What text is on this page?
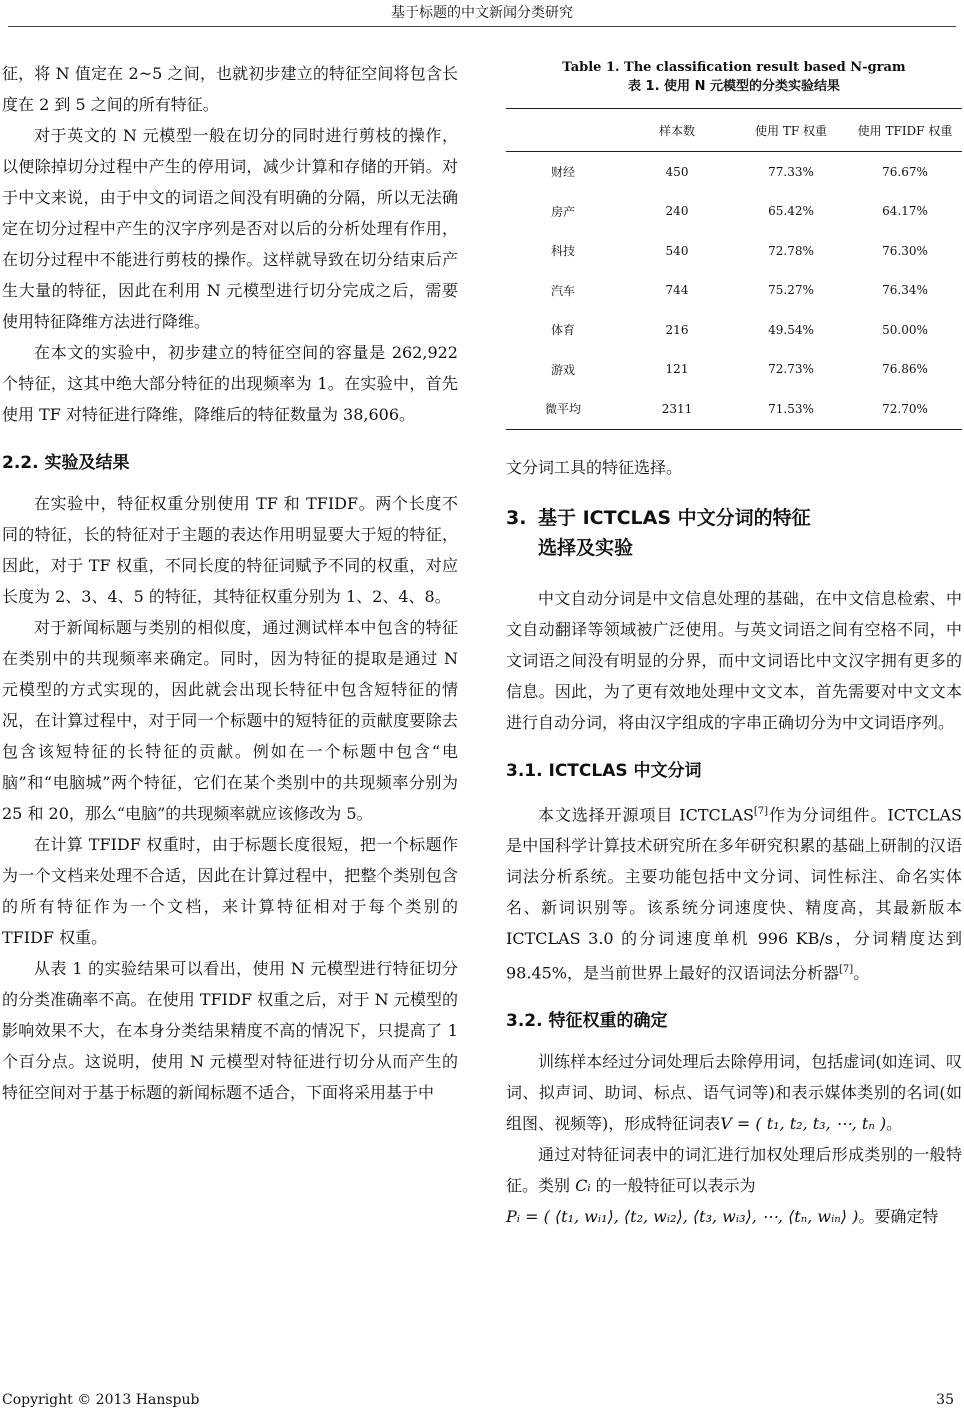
基于标题的中文新闻分类研究

征，将 N 值定在 2~5 之间，也就初步建立的特征空间将包含长度在 2 到 5 之间的所有特征。

对于英文的 N 元模型一般在切分的同时进行剪枝的操作，以便除掉切分过程中产生的停用词，减少计算和存储的开销。对于中文来说，由于中文的词语之间没有明确的分隔，所以无法确定在切分过程中产生的汉字序列是否对以后的分析处理有作用，在切分过程中不能进行剪枝的操作。这样就导致在切分结束后产生大量的特征，因此在利用 N 元模型进行切分完成之后，需要使用特征降维方法进行降维。

在本文的实验中，初步建立的特征空间的容量是 262,922 个特征，这其中绝大部分特征的出现频率为 1。在实验中，首先使用 TF 对特征进行降维，降维后的特征数量为 38,606。

2.2. 实验及结果

在实验中，特征权重分别使用 TF 和 TFIDF。两个长度不同的特征，长的特征对于主题的表达作用明显要大于短的特征，因此，对于 TF 权重，不同长度的特征词赋予不同的权重，对应长度为 2、3、4、5 的特征，其特征权重分别为 1、2、4、8。

对于新闻标题与类别的相似度，通过测试样本中包含的特征在类别中的共现频率来确定。同时，因为特征的提取是通过 N 元模型的方式实现的，因此就会出现长特征中包含短特征的情况，在计算过程中，对于同一个标题中的短特征的贡献度要除去包含该短特征的长特征的贡献。例如在一个标题中包含“电脑”和“电脑城”两个特征，它们在某个类别中的共现频率分别为 25 和 20，那么“电脑”的共现频率就应该修改为 5。

在计算 TFIDF 权重时，由于标题长度很短，把一个标题作为一个文档来处理不合适，因此在计算过程中，把整个类别包含的所有特征作为一个文档，来计算特征相对于每个类别的 TFIDF 权重。

从表 1 的实验结果可以看出，使用 N 元模型进行特征切分的分类准确率不高。在使用 TFIDF 权重之后，对于 N 元模型的影响效果不大，在本身分类结果精度不高的情况下，只提高了 1 个百分点。这说明，使用 N 元模型对特征进行切分从而产生的特征空间对于基于标题的新闻标题不适合，下面将采用基于中

Table 1. The classification result based N-gram
表 1. 使用 N 元模型的分类实验结果
	样本数	使用 TF 权重	使用 TFIDF 权重
财经	450	77.33%	76.67%
房产	240	65.42%	64.17%
科技	540	72.78%	76.30%
汽车	744	75.27%	76.34%
体育	216	49.54%	50.00%
游戏	121	72.73%	76.86%
微平均	2311	71.53%	72.70%

文分词工具的特征选择。

3. 基于 ICTCLAS 中文分词的特征
选择及实验

中文自动分词是中文信息处理的基础，在中文信息检索、中文自动翻译等领域被广泛使用。与英文词语之间有空格不同，中文词语之间没有明显的分界，而中文词语比中文汉字拥有更多的信息。因此，为了更有效地处理中文文本，首先需要对中文文本进行自动分词，将由汉字组成的字串正确切分为中文词语序列。

3.1. ICTCLAS 中文分词

本文选择开源项目 ICTCLAS[7]作为分词组件。ICTCLAS 是中国科学计算技术研究所在多年研究积累的基础上研制的汉语词法分析系统。主要功能包括中文分词、词性标注、命名实体名、新词识别等。该系统分词速度快、精度高，其最新版本 ICTCLAS 3.0 的分词速度单机 996 KB/s，分词精度达到 98.45%，是当前世界上最好的汉语词法分析器[7]。

3.2. 特征权重的确定

训练样本经过分词处理后去除停用词，包括虚词(如连词、叹词、拟声词、助词、标点、语气词等)和表示媒体类别的名词(如组图、视频等)，形成特征词表V = ( t₁, t₂, t₃, ⋯, tₙ )。

通过对特征词表中的词汇进行加权处理后形成类别的一般特征。类别 Cᵢ 的一般特征可以表示为
Pᵢ = ( ⟨t₁, wᵢ₁⟩, ⟨t₂, wᵢ₂⟩, ⟨t₃, wᵢ₃⟩, ⋯, ⟨tₙ, wᵢₙ⟩ )。要确定特

Copyright © 2013 Hanspub	35
